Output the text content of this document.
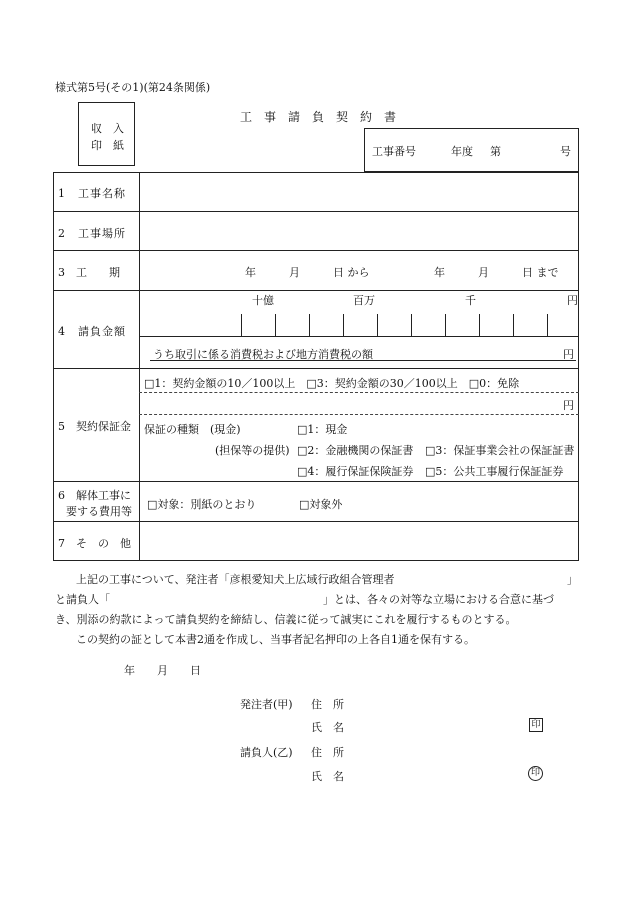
様式第5号(その1)(第24条関係)
収　入
印　紙
工　事　請　負　契　約　書
工事番号	年度 第	号
1　工事名称
2　工事場所
3　工　　期	年　　　月　　　日 から	年　　　月　　　日 まで
4　請負金額
十億	百万	千	円
うち取引に係る消費税および地方消費税の額	円
5　契約保証金
□1：契約金額の10／100以上　□3：契約金額の30／100以上　□0：免除
円
保証の種類　(現金)	□1：現金
(担保等の提供) □2：金融機関の保証書 □3：保証事業会社の保証証書
□4：履行保証保険証券 □5：公共工事履行保証証券
6　解体工事に
要する費用等
□対象：別紙のとおり	□対象外
7　そ　の　他
上記の工事について、発注者「彦根愛知犬上広域行政組合管理者	」
と請負人「	」とは、各々の対等な立場における合意に基づ
き、別添の約款によって請負契約を締結し、信義に従って誠実にこれを履行するものとする。
この契約の証として本書2通を作成し、当事者記名押印の上各自1通を保有する。
年　　月　　日
発注者(甲) 住　所
氏　名	印
請負人(乙) 住　所
氏　名	印
